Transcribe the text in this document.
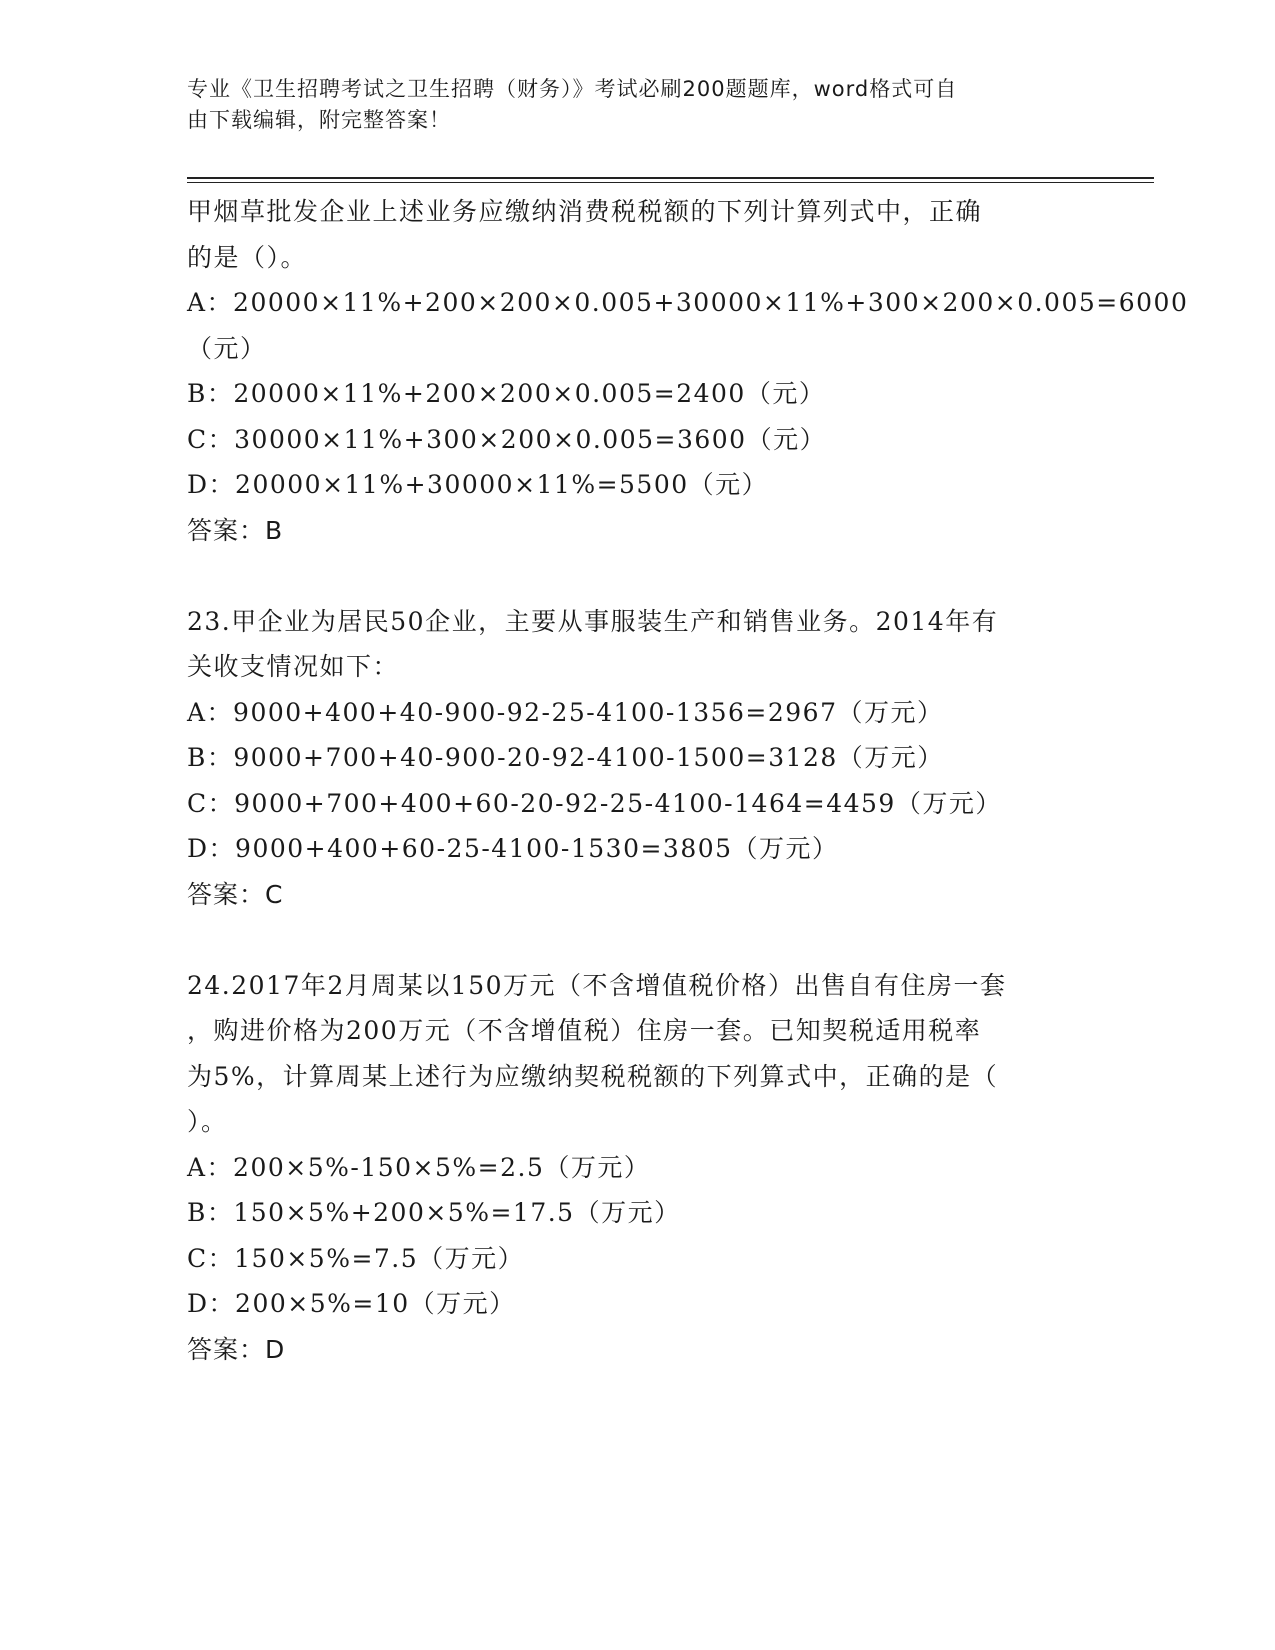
专业《卫生招聘考试之卫生招聘（财务）》考试必刷200题题库，word格式可自
由下载编辑，附完整答案！
甲烟草批发企业上述业务应缴纳消费税税额的下列计算列式中，正确
的是（）。
A：20000×11%+200×200×0.005+30000×11%+300×200×0.005=6000
（元）
B：20000×11%+200×200×0.005=2400（元）
C：30000×11%+300×200×0.005=3600（元）
D：20000×11%+30000×11%=5500（元）
答案：B
23.甲企业为居民50企业，主要从事服装生产和销售业务。2014年有
关收支情况如下：
A：9000+400+40-900-92-25-4100-1356=2967（万元）
B：9000+700+40-900-20-92-4100-1500=3128（万元）
C：9000+700+400+60-20-92-25-4100-1464=4459（万元）
D：9000+400+60-25-4100-1530=3805（万元）
答案：C
24.2017年2月周某以150万元（不含增值税价格）出售自有住房一套
，购进价格为200万元（不含增值税）住房一套。已知契税适用税率
为5%，计算周某上述行为应缴纳契税税额的下列算式中，正确的是（
）。
A：200×5%-150×5%=2.5（万元）
B：150×5%+200×5%=17.5（万元）
C：150×5%=7.5（万元）
D：200×5%=10（万元）
答案：D
